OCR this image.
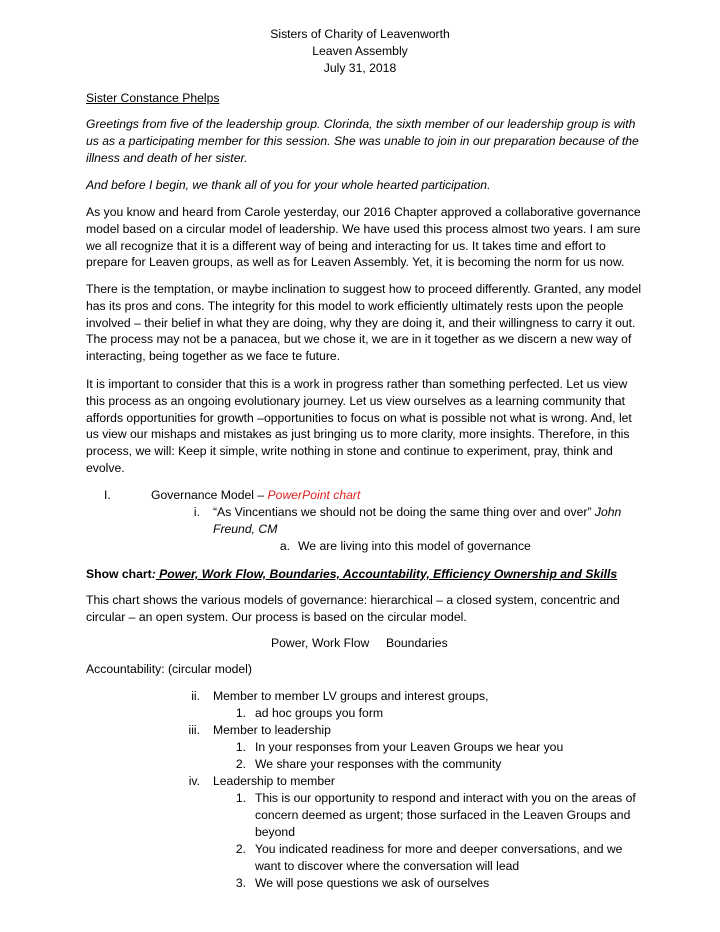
Sisters of Charity of Leavenworth
Leaven Assembly
July 31, 2018
Sister Constance Phelps

Greetings from five of the leadership group. Clorinda, the sixth member of our leadership group is with us as a participating member for this session. She was unable to join in our preparation because of the illness and death of her sister.

And before I begin, we thank all of you for your whole hearted participation.

As you know and heard from Carole yesterday, our 2016 Chapter approved a collaborative governance model based on a circular model of leadership. We have used this process almost two years. I am sure we all recognize that it is a different way of being and interacting for us. It takes time and effort to prepare for Leaven groups, as well as for Leaven Assembly. Yet, it is becoming the norm for us now.

There is the temptation, or maybe inclination to suggest how to proceed differently. Granted, any model has its pros and cons. The integrity for this model to work efficiently ultimately rests upon the people involved – their belief in what they are doing, why they are doing it, and their willingness to carry it out. The process may not be a panacea, but we chose it, we are in it together as we discern a new way of interacting, being together as we face te future.

It is important to consider that this is a work in progress rather than something perfected. Let us view this process as an ongoing evolutionary journey. Let us view ourselves as a learning community that affords opportunities for growth –opportunities to focus on what is possible not what is wrong. And, let us view our mishaps and mistakes as just bringing us to more clarity, more insights. Therefore, in this process, we will: Keep it simple, write nothing in stone and continue to experiment, pray, think and evolve.

I.	Governance Model – PowerPoint chart
i. “As Vincentians we should not be doing the same thing over and over” John
Freund, CM
a. We are living into this model of governance
Show chart: Power, Work Flow, Boundaries, Accountability, Efficiency Ownership and Skills
This chart shows the various models of governance: hierarchical – a closed system, concentric and
circular – an open system. Our process is based on the circular model.
Power, Work Flow Boundaries
Accountability: (circular model)
ii. Member to member LV groups and interest groups,
1. ad hoc groups you form
iii. Member to leadership
1. In your responses from your Leaven Groups we hear you
2. We share your responses with the community
iv. Leadership to member
1. This is our opportunity to respond and interact with you on the areas of
concern deemed as urgent; those surfaced in the Leaven Groups and
beyond
2. You indicated readiness for more and deeper conversations, and we
want to discover where the conversation will lead
3. We will pose questions we ask of ourselves
